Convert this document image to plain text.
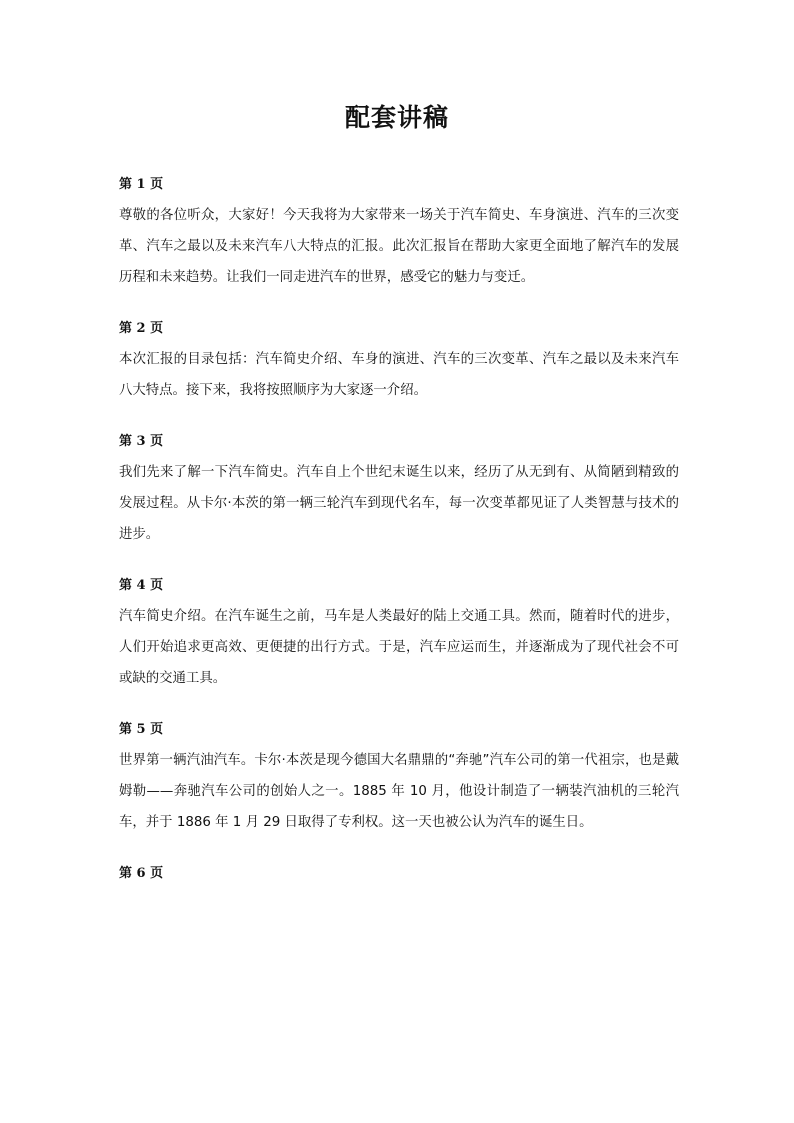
配套讲稿

第 1 页

尊敬的各位听众，大家好！今天我将为大家带来一场关于汽车简史、车身演进、汽车的三次变革、汽车之最以及未来汽车八大特点的汇报。此次汇报旨在帮助大家更全面地了解汽车的发展历程和未来趋势。让我们一同走进汽车的世界，感受它的魅力与变迁。

第 2 页

本次汇报的目录包括：汽车简史介绍、车身的演进、汽车的三次变革、汽车之最以及未来汽车八大特点。接下来，我将按照顺序为大家逐一介绍。

第 3 页

我们先来了解一下汽车简史。汽车自上个世纪末诞生以来，经历了从无到有、从简陋到精致的发展过程。从卡尔·本茨的第一辆三轮汽车到现代名车，每一次变革都见证了人类智慧与技术的进步。

第 4 页

汽车简史介绍。在汽车诞生之前，马车是人类最好的陆上交通工具。然而，随着时代的进步，人们开始追求更高效、更便捷的出行方式。于是，汽车应运而生，并逐渐成为了现代社会不可或缺的交通工具。

第 5 页

世界第一辆汽油汽车。卡尔·本茨是现今德国大名鼎鼎的“奔驰”汽车公司的第一代祖宗，也是戴姆勒——奔驰汽车公司的创始人之一。1885 年 10 月，他设计制造了一辆装汽油机的三轮汽车，并于 1886 年 1 月 29 日取得了专利权。这一天也被公认为汽车的诞生日。

第 6 页
